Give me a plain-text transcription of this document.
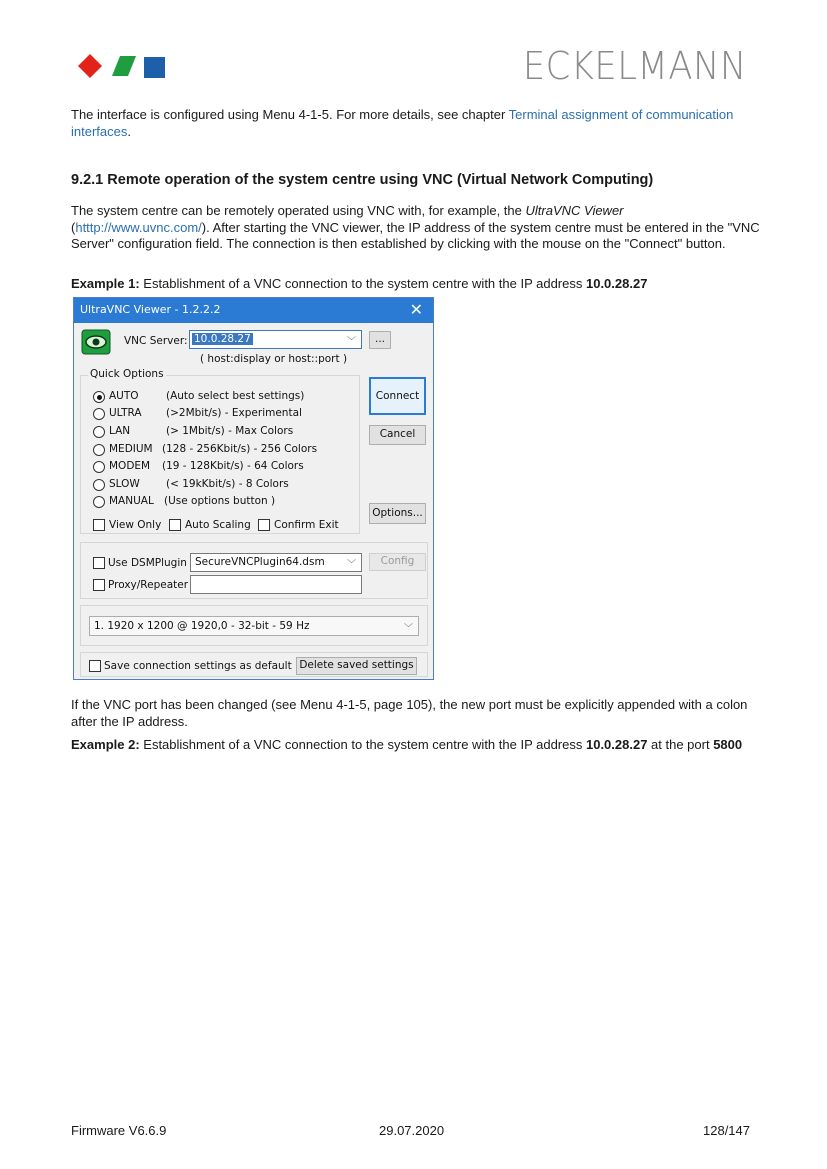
ECKELMANN

The interface is configured using Menu 4-1-5. For more details, see chapter Terminal assignment of communication interfaces.

9.2.1 Remote operation of the system centre using VNC (Virtual Network Computing)

The system centre can be remotely operated using VNC with, for example, the UltraVNC Viewer (htttp://www.uvnc.com/). After starting the VNC viewer, the IP address of the system centre must be entered in the "VNC Server" configuration field. The connection is then established by clicking with the mouse on the "Connect" button.

Example 1: Establishment of a VNC connection to the system centre with the IP address 10.0.28.27

UltraVNC Viewer - 1.2.2.2	✕
VNC Server: 10.0.28.27	﹀	...
( host:display or host::port )
Quick Options
AUTO	(Auto select best settings)
ULTRA (>2Mbit/s) - Experimental
LAN	(> 1Mbit/s) - Max Colors
MEDIUM (128 - 256Kbit/s) - 256 Colors
MODEM (19 - 128Kbit/s) - 64 Colors
SLOW (< 19kKbit/s) - 8 Colors
MANUAL (Use options button )
View Only Auto Scaling Confirm Exit
Connect
Cancel
Options...
Use DSMPlugin SecureVNCPlugin64.dsm ﹀	Config
Proxy/Repeater
1. 1920 x 1200 @ 1920,0 - 32-bit - 59 Hz	﹀
Save connection settings as default Delete saved settings

If the VNC port has been changed (see Menu 4-1-5, page 105), the new port must be explicitly appended with a colon after the IP address.

Example 2: Establishment of a VNC connection to the system centre with the IP address 10.0.28.27 at the port 5800

Firmware V6.6.9	29.07.2020	128/147
